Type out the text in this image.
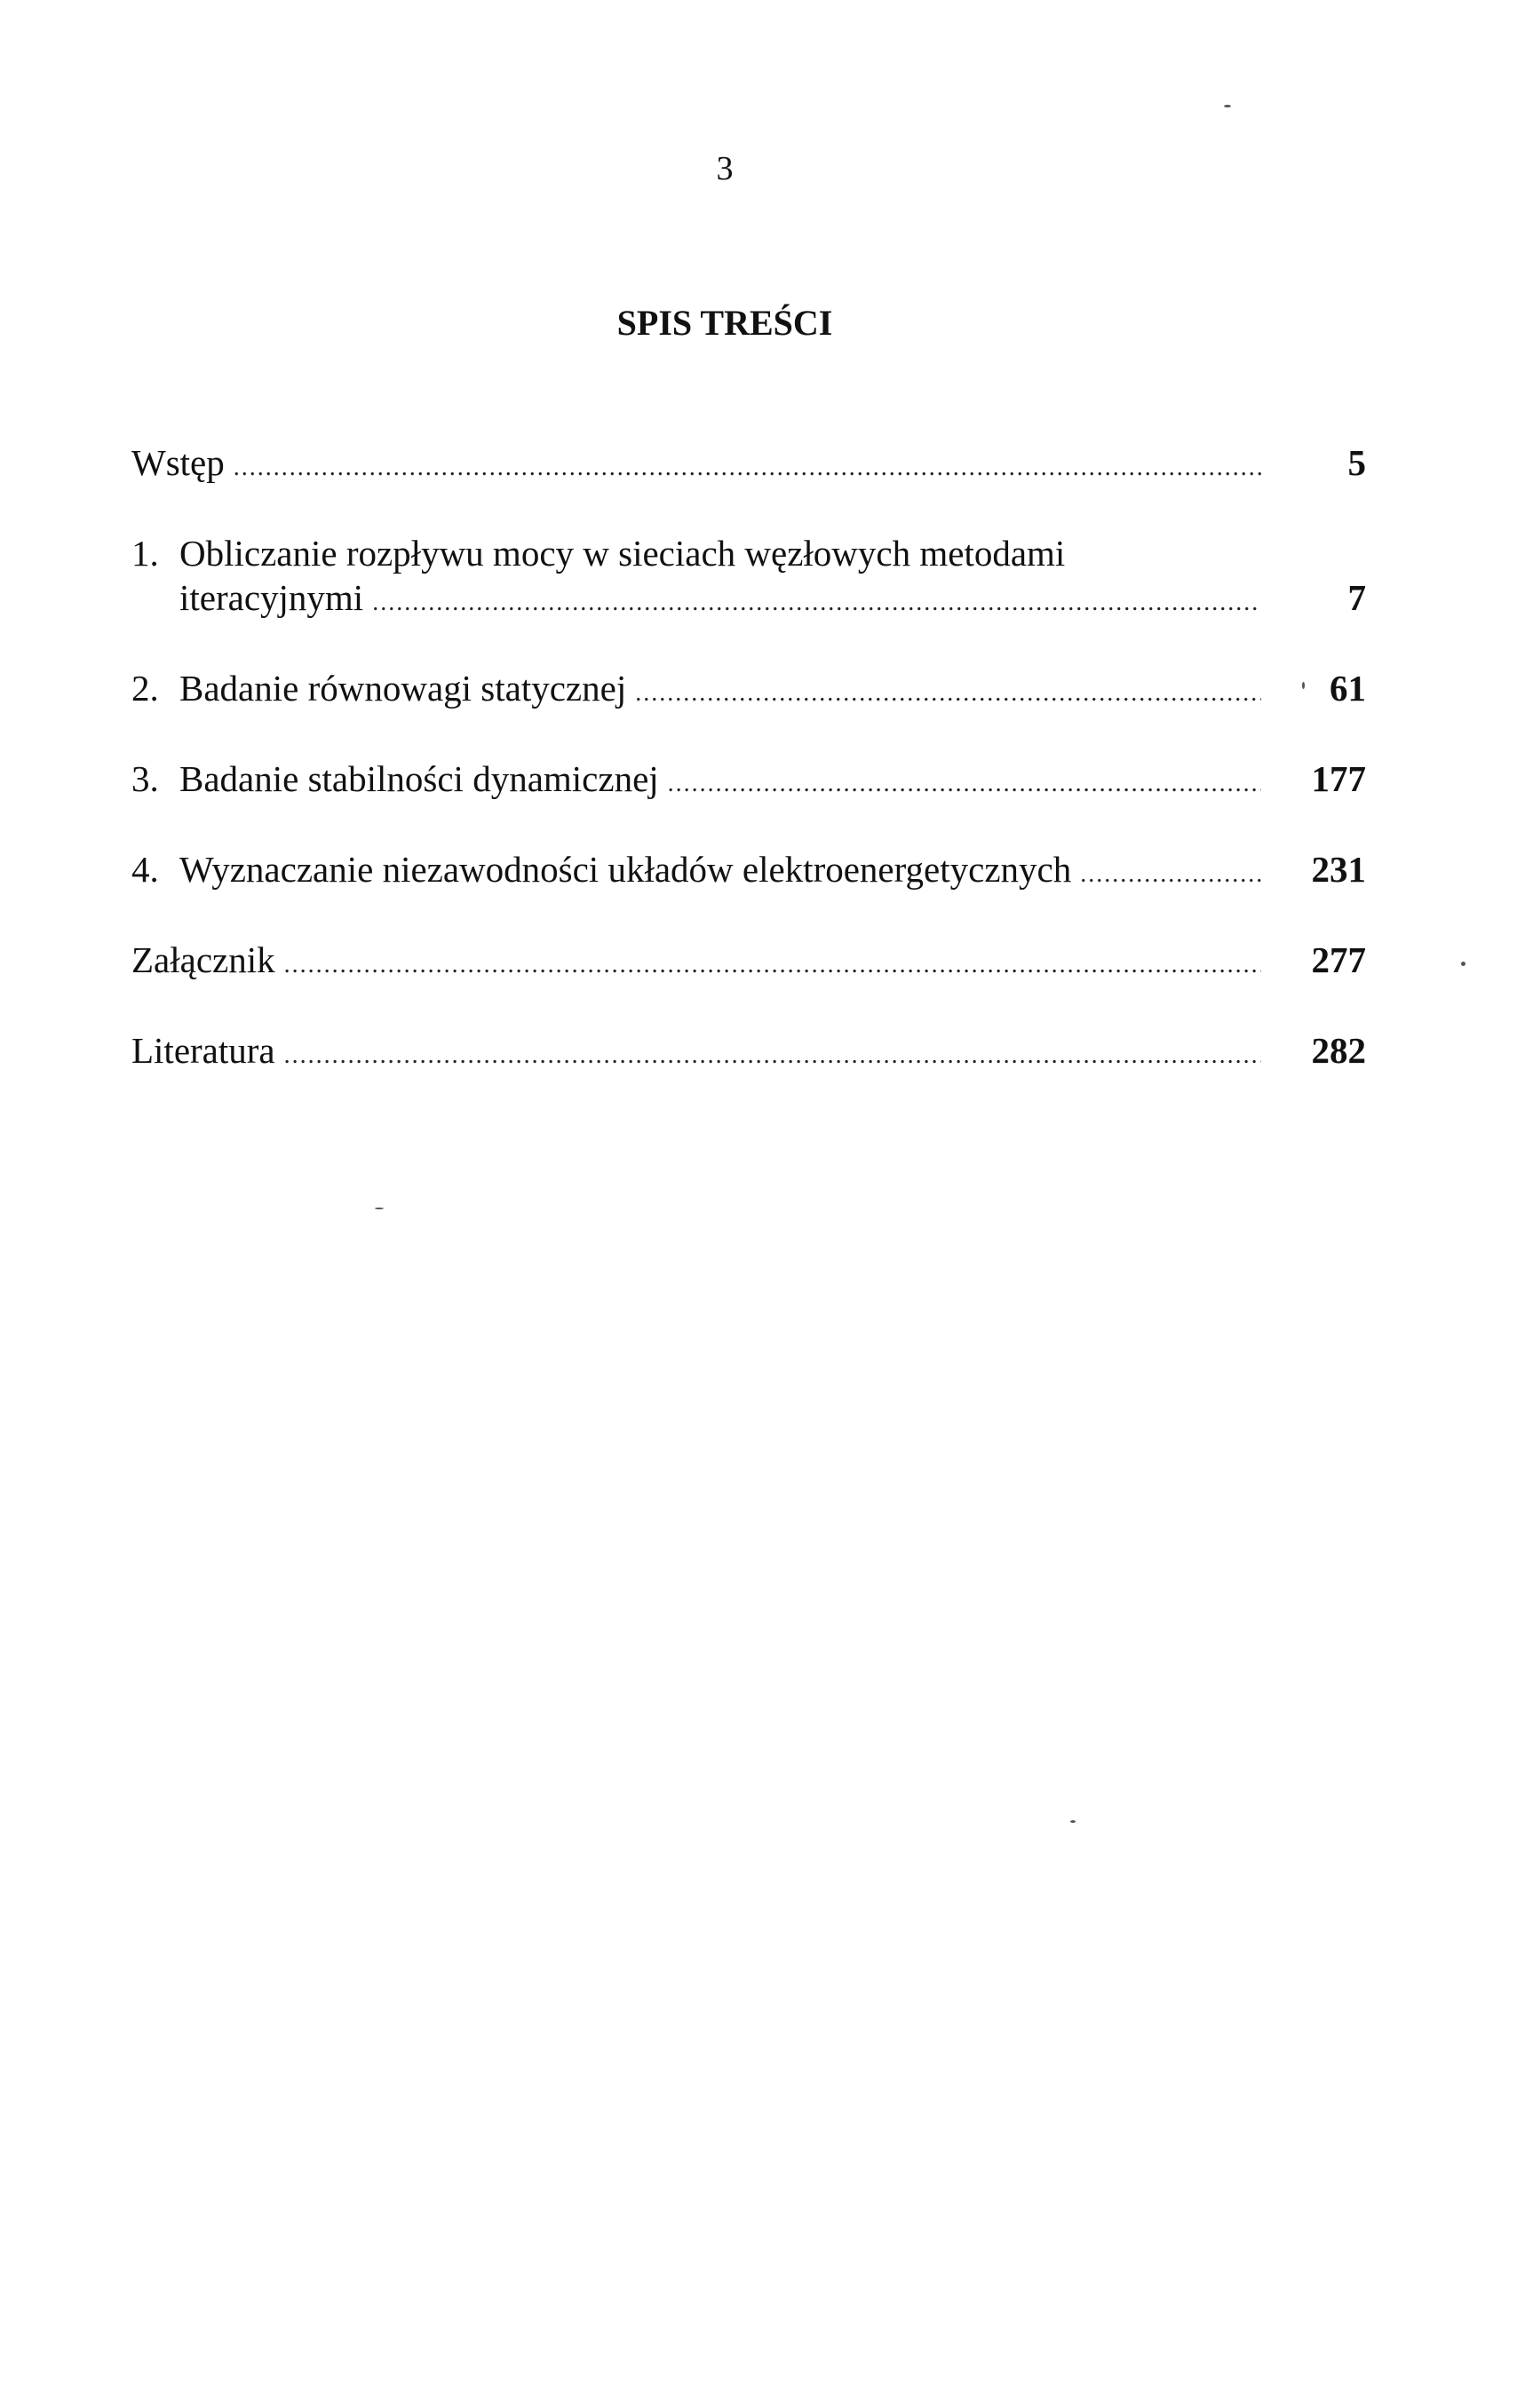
3
SPIS TREŚCI
Wstęp .....	5
1. Obliczanie rozpływu mocy w sieciach węzłowych metodami
iteracyjnymi .....	7
2. Badanie równowagi statycznej .....	61
3. Badanie stabilności dynamicznej .....	177
4. Wyznaczanie niezawodności układów elektroenergetycznych .....	231
Załącznik .....	277
Literatura .....	282
